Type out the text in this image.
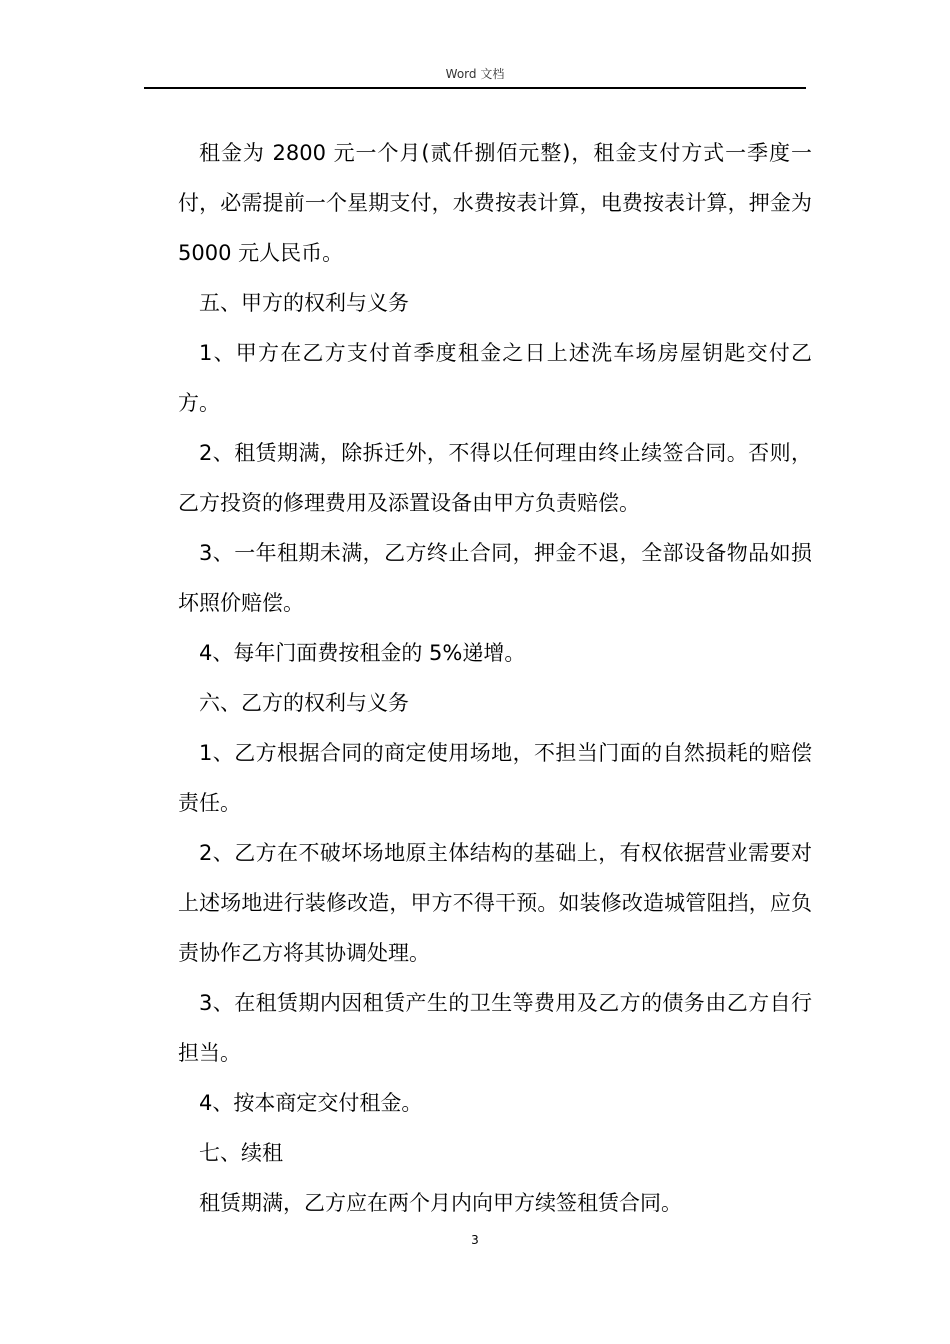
Word 文档

租金为 2800 元一个月(贰仟捌佰元整)，租金支付方式一季度一付，必需提前一个星期支付，水费按表计算，电费按表计算，押金为 5000 元人民币。

五、甲方的权利与义务

1、甲方在乙方支付首季度租金之日上述洗车场房屋钥匙交付乙方。

2、租赁期满，除拆迁外，不得以任何理由终止续签合同。否则，乙方投资的修理费用及添置设备由甲方负责赔偿。

3、一年租期未满，乙方终止合同，押金不退，全部设备物品如损坏照价赔偿。

4、每年门面费按租金的 5%递增。

六、乙方的权利与义务

1、乙方根据合同的商定使用场地，不担当门面的自然损耗的赔偿责任。

2、乙方在不破坏场地原主体结构的基础上，有权依据营业需要对上述场地进行装修改造，甲方不得干预。如装修改造城管阻挡，应负责协作乙方将其协调处理。

3、在租赁期内因租赁产生的卫生等费用及乙方的债务由乙方自行担当。

4、按本商定交付租金。

七、续租

租赁期满，乙方应在两个月内向甲方续签租赁合同。

3
